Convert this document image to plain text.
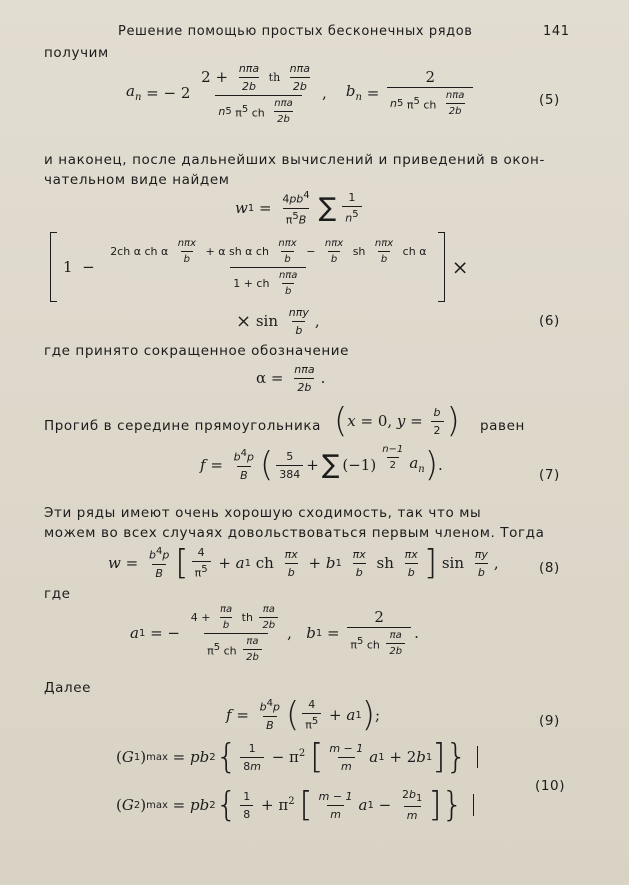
Решение помощью простых бесконечных рядов	141
получим
$a_n$ = − $2 \frac{2 + \frac{\text{nπa}}{2b} th \frac{\text{nπa}}{2b}}{n 5 \pi^5 ch \frac{\text{nπa}}{2b}}$ , $b_n = \frac{2}{n 5 \pi^5 ch \frac{\text{nπa}}{2b}}$	(5)
и наконец, после дальнейших вычислений и приведений в окон-
чательном виде найдем
w $1 = \frac{4pb^4}{\pi^5B}$ ∑ $\frac{1}{n^5}$
1  −
2ch α ch α $\frac{\text{nπx}}{b} + \alpha$ sh α ch $\frac{\text{nπx}}{b} - \frac{\text{nπx}}{b}$ sh $\frac{\text{nπx}}{b}$ ch α
1 + ch $\frac{\text{nπa}}{b}$
×
× $\sin \frac{\text{nπy}}{b}$ ,	(6)
где принято сокращенное обозначение
$\alpha = \frac{\text{nπa}}{2b}$ .
Прогиб в середине прямоугольника ( x = 0, $y = \frac{b}{2}$ ) равен
$f = \frac{b^4p}{B}$ ( $\frac{5}{384}$ + ∑ $(-1) \frac{n-1}{2} a_n$ ) .
(7)
Эти ряды имеют очень хорошую сходимость, так что мы
можем во всех случаях довольствоваться первым членом. Тогда
$w = \frac{b^4p}{B}$ [ $\frac{4}{\pi^5} + a$ 1 ch $\frac{\pi x}{b} + b$ 1
$\frac{\pi x}{b}$ sh $\frac{\pi x}{b}$ ] $\sin \frac{\pi y}{b}$ ,	(8)
где
a 1 = − $\frac{4 + \frac{\pi a}{b} th \frac{\pi a}{2b}}{\pi^5 ch \frac{\pi a}{2b}}$ , b $1 = \frac{2}{\pi^5 ch \frac{\pi a}{2b}}$ .
Далее
$f = \frac{b^4p}{B}$ ( $\frac{4}{\pi^5} + a$ 1 ) ;	(9)
( G 1 ) max = pb 2 { $\frac{1}{8m} - \pi^2$ [ $\frac{m - 1}{m}$ a 1 + 2 b 1 ] }
( G 2 ) max = pb 2 { $\frac{1}{8} + \pi^2$ [ $\frac{m - 1}{m}$ a $1 - \frac{2b_1}{m}$ ] }	(10)
